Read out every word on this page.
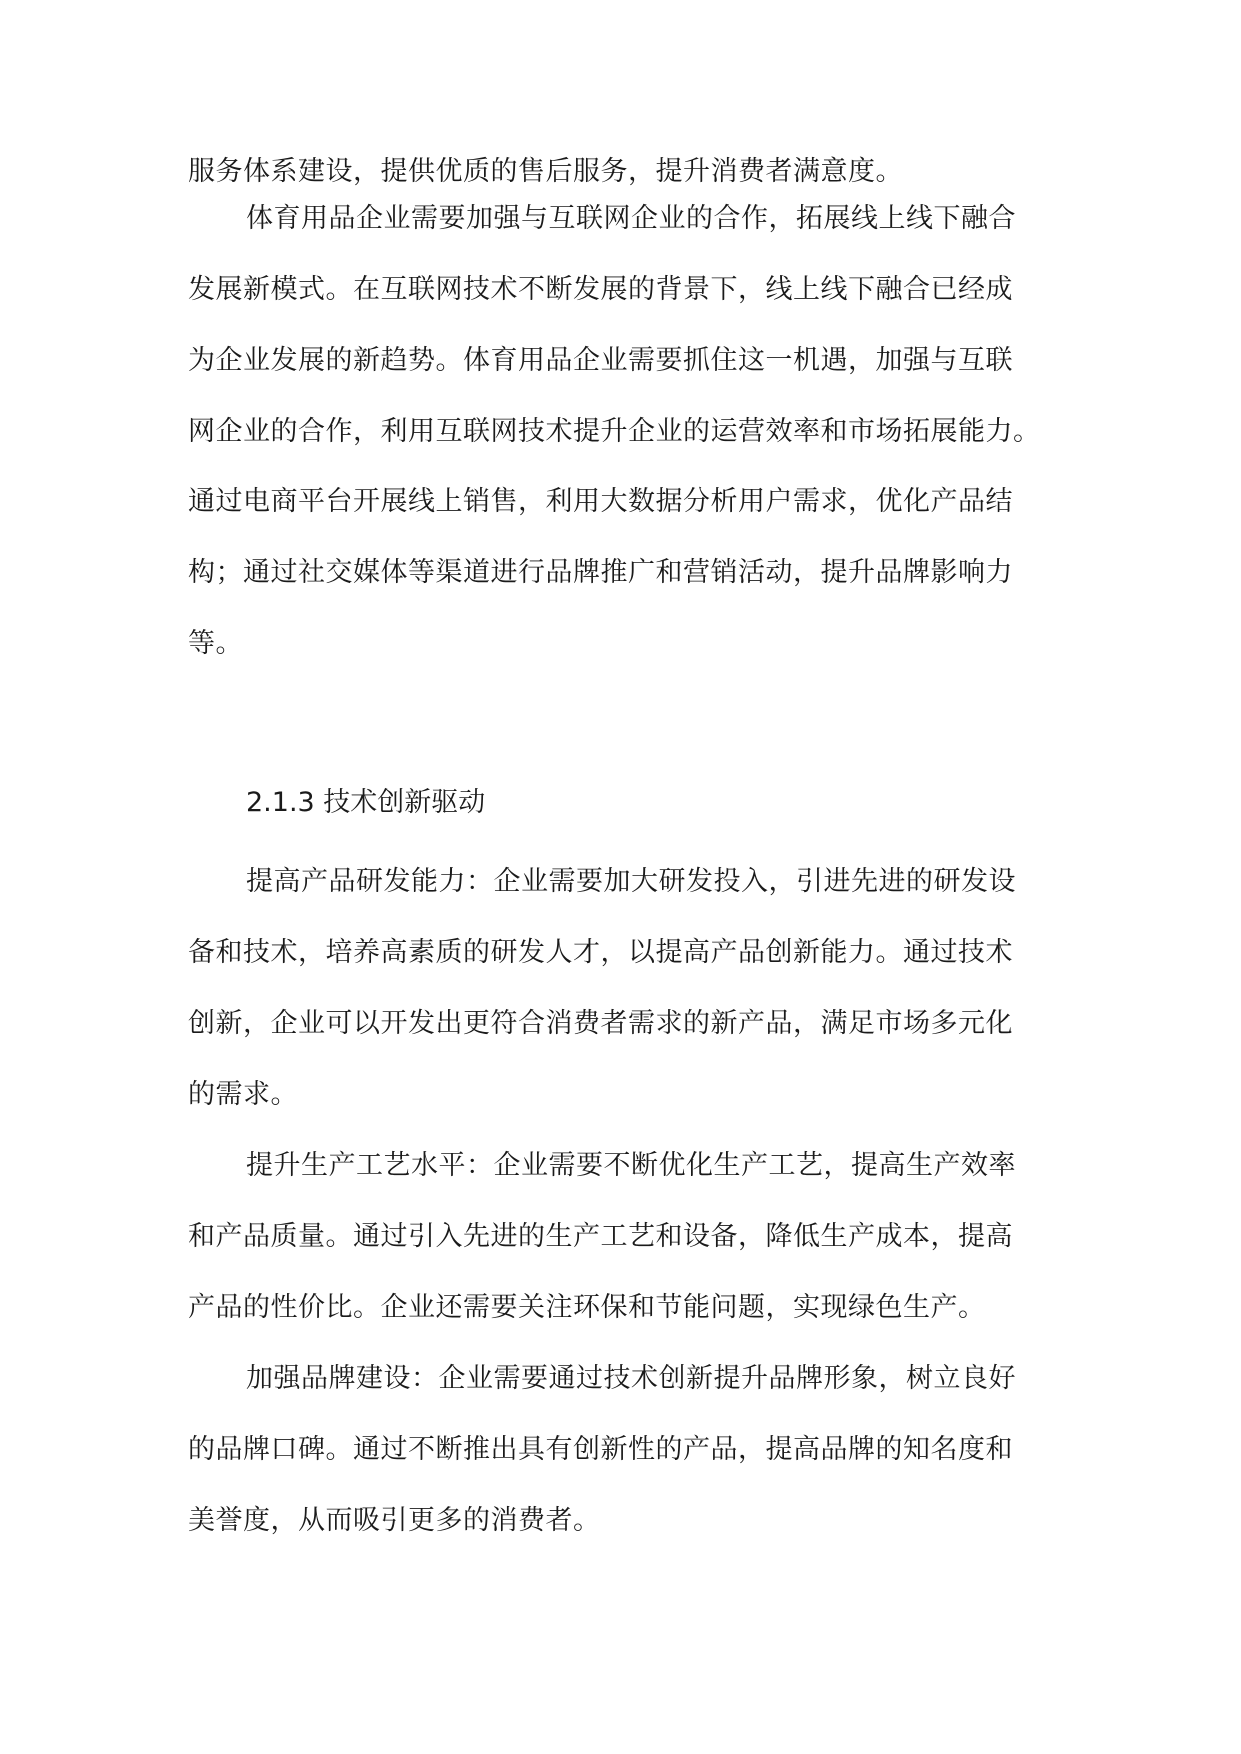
服务体系建设，提供优质的售后服务，提升消费者满意度。
体育用品企业需要加强与互联网企业的合作，拓展线上线下融合
发展新模式。在互联网技术不断发展的背景下，线上线下融合已经成
为企业发展的新趋势。体育用品企业需要抓住这一机遇，加强与互联
网企业的合作，利用互联网技术提升企业的运营效率和市场拓展能力。
通过电商平台开展线上销售，利用大数据分析用户需求，优化产品结
构；通过社交媒体等渠道进行品牌推广和营销活动，提升品牌影响力
等。
2.1.3 技术创新驱动
提高产品研发能力：企业需要加大研发投入，引进先进的研发设
备和技术，培养高素质的研发人才，以提高产品创新能力。通过技术
创新，企业可以开发出更符合消费者需求的新产品，满足市场多元化
的需求。
提升生产工艺水平：企业需要不断优化生产工艺，提高生产效率
和产品质量。通过引入先进的生产工艺和设备，降低生产成本，提高
产品的性价比。企业还需要关注环保和节能问题，实现绿色生产。
加强品牌建设：企业需要通过技术创新提升品牌形象，树立良好
的品牌口碑。通过不断推出具有创新性的产品，提高品牌的知名度和
美誉度，从而吸引更多的消费者。
